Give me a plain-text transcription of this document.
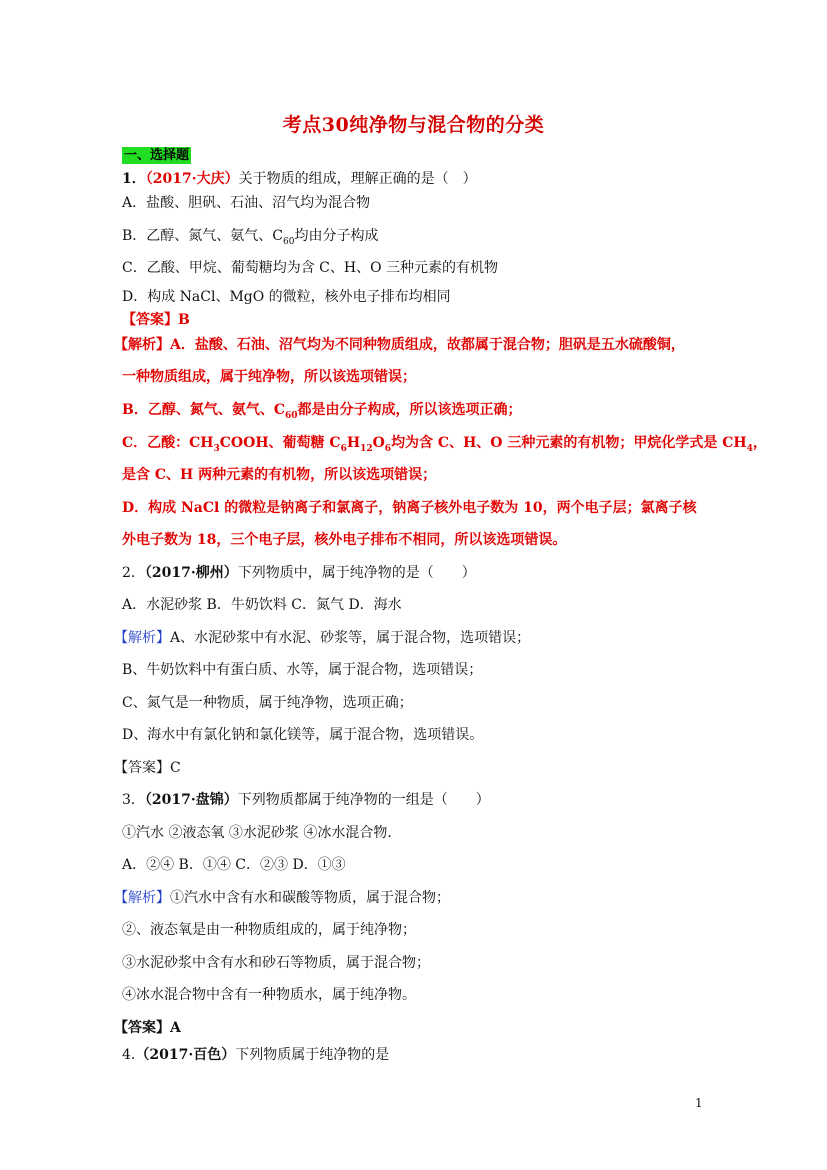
考点30纯净物与混合物的分类
一、选择题
1．（2017·大庆）关于物质的组成，理解正确的是（　）
A．盐酸、胆矾、石油、沼气均为混合物
B．乙醇、氮气、氨气、$C_{60}$均由分子构成
C．乙酸、甲烷、葡萄糖均为含 C、H、O 三种元素的有机物
D．构成 NaCl、MgO 的微粒，核外电子排布均相同
【答案】B
【解析】A．盐酸、石油、沼气均为不同种物质组成，故都属于混合物；胆矾是五水硫酸铜，
一种物质组成，属于纯净物，所以该选项错误；
B．乙醇、氮气、氨气、$C_{60}$都是由分子构成，所以该选项正确；
C．乙酸：$CH_3COOH$、葡萄糖 $C_6H_{12}O_6$均为含 C、H、O 三种元素的有机物；甲烷化学式是 $CH_4$，
是含 C、H 两种元素的有机物，所以该选项错误；
D．构成 NaCl 的微粒是钠离子和氯离子，钠离子核外电子数为 10，两个电子层；氯离子核
外电子数为 18，三个电子层，核外电子排布不相同，所以该选项错误。
2．（2017·柳州）下列物质中，属于纯净物的是（　　）
A．水泥砂浆 B．牛奶饮料 C．氮气 D．海水
【解析】A、水泥砂浆中有水泥、砂浆等，属于混合物，选项错误；
B、牛奶饮料中有蛋白质、水等，属于混合物，选项错误；
C、氮气是一种物质，属于纯净物，选项正确；
D、海水中有氯化钠和氯化镁等，属于混合物，选项错误。
【答案】C
3．（2017·盘锦）下列物质都属于纯净物的一组是（　　）
①汽水 ②液态氧 ③水泥砂浆 ④冰水混合物．
A．②④ B．①④ C．②③ D．①③
【解析】①汽水中含有水和碳酸等物质，属于混合物；
②、液态氧是由一种物质组成的，属于纯净物；
③水泥砂浆中含有水和砂石等物质，属于混合物；
④冰水混合物中含有一种物质水，属于纯净物。
【答案】A
4.（2017·百色）下列物质属于纯净物的是
1
